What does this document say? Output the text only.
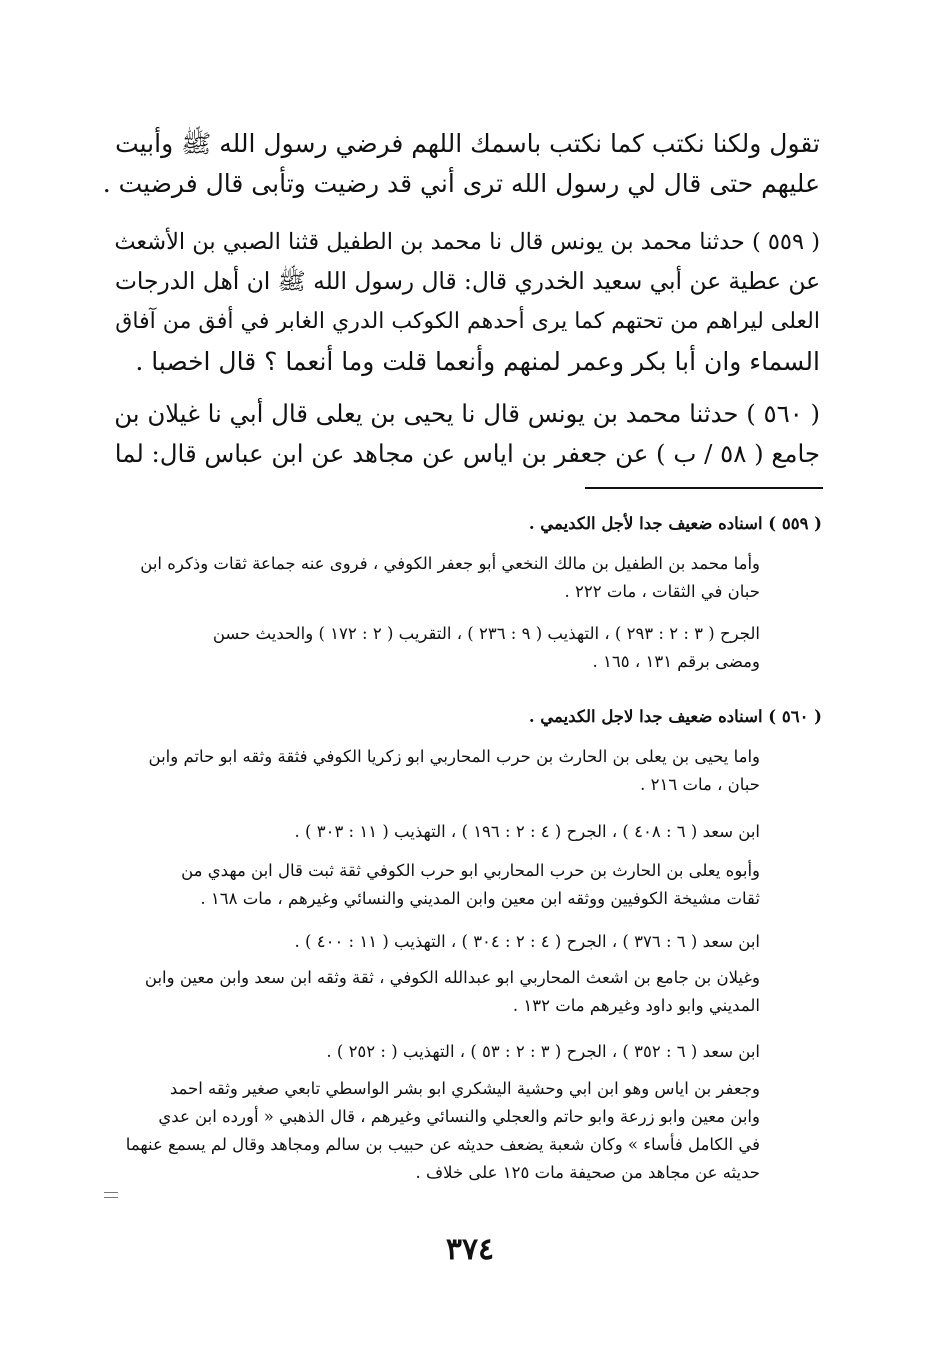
تقول ولكنا نكتب كما نكتب باسمك اللهم فرضي رسول الله ﷺ وأبيت
عليهم حتى قال لي رسول الله ترى أني قد رضيت وتأبى قال فرضيت .
( ٥٥٩ ) حدثنا محمد بن يونس قال نا محمد بن الطفيل قثنا الصبي بن الأشعث
عن عطية عن أبي سعيد الخدري قال: قال رسول الله ﷺ ان أهل الدرجات
العلى ليراهم من تحتهم كما يرى أحدهم الكوكب الدري الغابر في أفق من آفاق
السماء وان أبا بكر وعمر لمنهم وأنعما قلت وما أنعما ؟ قال اخصبا .
( ٥٦٠ ) حدثنا محمد بن يونس قال نا يحيى بن يعلى قال أبي نا غيلان بن
جامع ( ٥٨ / ب ) عن جعفر بن اياس عن مجاهد عن ابن عباس قال: لما
( ٥٥٩ ) اسناده ضعيف جدا لأجل الكديمي .
وأما محمد بن الطفيل بن مالك النخعي أبو جعفر الكوفي ، فروى عنه جماعة ثقات وذكره ابن
حبان في الثقات ، مات ٢٢٢ .
الجرح ( ٣ : ٢ : ٢٩٣ ) ، التهذيب ( ٩ : ٢٣٦ ) ، التقريب ( ٢ : ١٧٢ ) والحديث حسن
ومضى برقم ١٣١ ، ١٦٥ .
( ٥٦٠ ) اسناده ضعيف جدا لاجل الكديمي .
واما يحيى بن يعلى بن الحارث بن حرب المحاربي ابو زكريا الكوفي فثقة وثقه ابو حاتم وابن
حبان ، مات ٢١٦ .
ابن سعد ( ٦ : ٤٠٨ ) ، الجرح ( ٤ : ٢ : ١٩٦ ) ، التهذيب ( ١١ : ٣٠٣ ) .
وأبوه يعلى بن الحارث بن حرب المحاربي ابو حرب الكوفي ثقة ثبت قال ابن مهدي من
ثقات مشيخة الكوفيين ووثقه ابن معين وابن المديني والنسائي وغيرهم ، مات ١٦٨ .
ابن سعد ( ٦ : ٣٧٦ ) ، الجرح ( ٤ : ٢ : ٣٠٤ ) ، التهذيب ( ١١ : ٤٠٠ ) .
وغيلان بن جامع بن اشعث المحاربي ابو عبدالله الكوفي ، ثقة وثقه ابن سعد وابن معين وابن
المديني وابو داود وغيرهم مات ١٣٢ .
ابن سعد ( ٦ : ٣٥٢ ) ، الجرح ( ٣ : ٢ : ٥٣ ) ، التهذيب ( : ٢٥٢ ) .
وجعفر بن اياس وهو ابن ابي وحشية اليشكري ابو بشر الواسطي تابعي صغير وثقه احمد
وابن معين وابو زرعة وابو حاتم والعجلي والنسائي وغيرهم ، قال الذهبي « أورده ابن عدي
في الكامل فأساء » وكان شعبة يضعف حديثه عن حبيب بن سالم ومجاهد وقال لم يسمع عنهما
حديثه عن مجاهد من صحيفة مات ١٢٥ على خلاف .
٣٧٤
